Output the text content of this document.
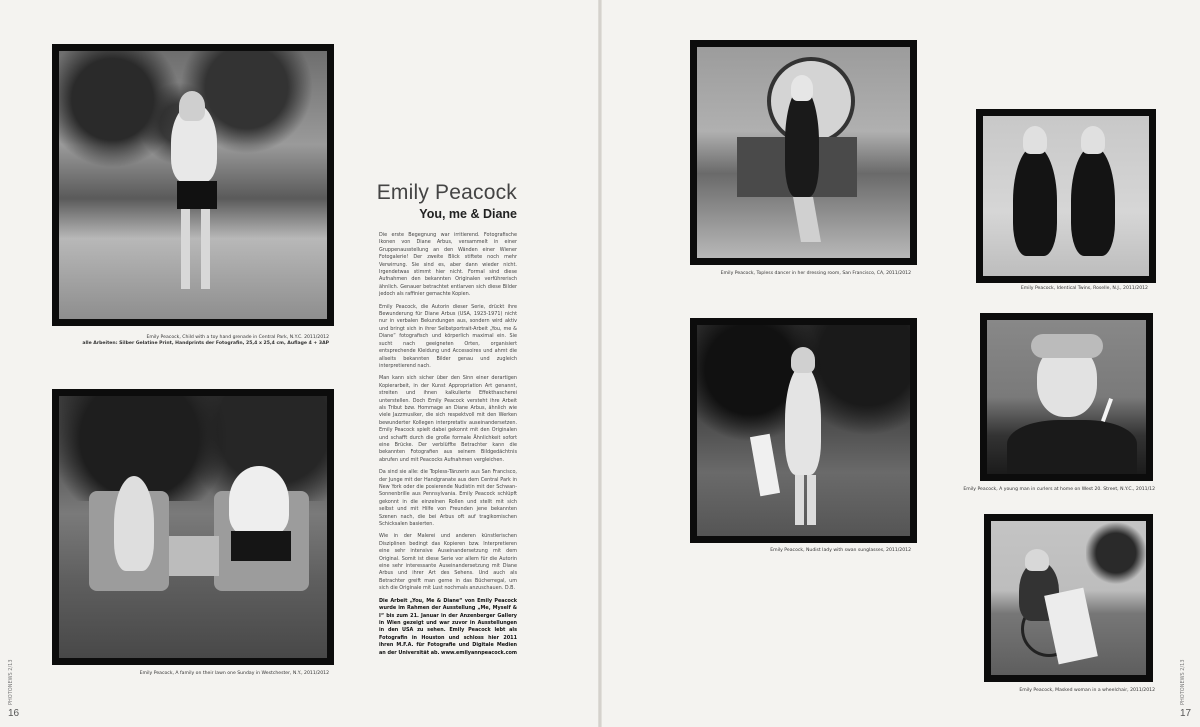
Emily Peacock, Child with a toy hand grenade in Central Park, N.Y.C. 2011/2012
alle Arbeiten: Silber Gelatine Print, Handprints der Fotografin, 25,4 x 25,4 cm, Auflage 4 + 3AP
Emily Peacock, A family on their lawn one Sunday in Westchester, N.Y., 2011/2012
Emily Peacock
You, me & Diane

Die erste Begegnung war irritierend. Fotografische Ikonen von Diane Arbus, versammelt in einer Gruppenausstellung an den Wänden einer Wiener Fotogalerie! Der zweite Blick stiftete noch mehr Verwirrung. Sie sind es, aber dann wieder nicht. Irgendetwas stimmt hier nicht. Formal sind diese Aufnahmen den bekannten Originalen verführerisch ähnlich. Genauer betrachtet entlarven sich diese Bilder jedoch als raffinier gemachte Kopien.

Emily Peacock, die Autorin dieser Serie, drückt ihre Bewunderung für Diane Arbus (USA, 1923-1971) nicht nur in verbalen Bekundungen aus, sondern wird aktiv und bringt sich in ihrer Selbstportrait-Arbeit „You, me & Diane“ fotografisch und körperlich maximal ein. Sie sucht nach geeigneten Orten, organisiert entsprechende Kleidung und Accessoires und ahmt die allseits bekannten Bilder genau und zugleich interpretierend nach.

Man kann sich sicher über den Sinn einer derartigen Kopierarbeit, in der Kunst Appropriation Art genannt, streiten und ihnen kalkulierte Effekthascherei unterstellen. Doch Emily Peacock versteht ihre Arbeit als Tribut bzw. Hommage an Diane Arbus, ähnlich wie viele Jazzmusiker, die sich respektvoll mit den Werken bewunderter Kollegen interpretativ auseinandersetzen. Emily Peacock spielt dabei gekonnt mit den Originalen und schafft durch die große formale Ähnlichkeit sofort eine Brücke. Der verblüffte Betrachter kann die bekannten Fotografien aus seinem Bildgedächtnis abrufen und mit Peacocks Aufnahmen vergleichen.

Da sind sie alle: die Topless-Tänzerin aus San Francisco, der Junge mit der Handgranate aus dem Central Park in New York oder die posierende Nudistin mit der Schwan-Sonnenbrille aus Pennsylvania. Emily Peacock schlüpft gekonnt in die einzelnen Rollen und stellt mit sich selbst und mit Hilfe von Freunden jene bekannten Szenen nach, die bei Arbus oft auf tragikomischen Schicksalen basierten.

Wie in der Malerei und anderen künstlerischen Disziplinen bedingt das Kopieren bzw. Interpretieren eine sehr intensive Auseinandersetzung mit dem Original. Somit ist diese Serie vor allem für die Autorin eine sehr interessante Auseinandersetzung mit Diane Arbus und ihrer Art des Sehens. Und auch als Betrachter greift man gerne in das Bücherregal, um sich die Originale mit Lust nochmals anzuschauen. D.B.

Die Arbeit „You, Me & Diane“ von Emily Peacock wurde im Rahmen der Ausstellung „Me, Myself & I“ bis zum 21. Januar in der Anzenberger Gallery in Wien gezeigt und war zuvor in Ausstellungen in den USA zu sehen. Emily Peacock lebt als Fotografin in Houston und schloss hier 2011 ihren M.F.A. für Fotografie und Digitale Medien an der Universität ab. www.emilyannpeacock.com

Emily Peacock, Topless dancer in her dressing room, San Francisco, CA, 2011/2012
Emily Peacock, Nudist lady with swan sunglasses, 2011/2012
Emily Peacock, Identical Twins, Roselle, N.J., 2011/2012
Emily Peacock, A young man in curlers at home on West 20. Street, N.Y.C., 2011/12
Emily Peacock, Masked woman in a wheelchair, 2011/2012
PHOTONEWS 2/13
16
PHOTONEWS 2/13
17
